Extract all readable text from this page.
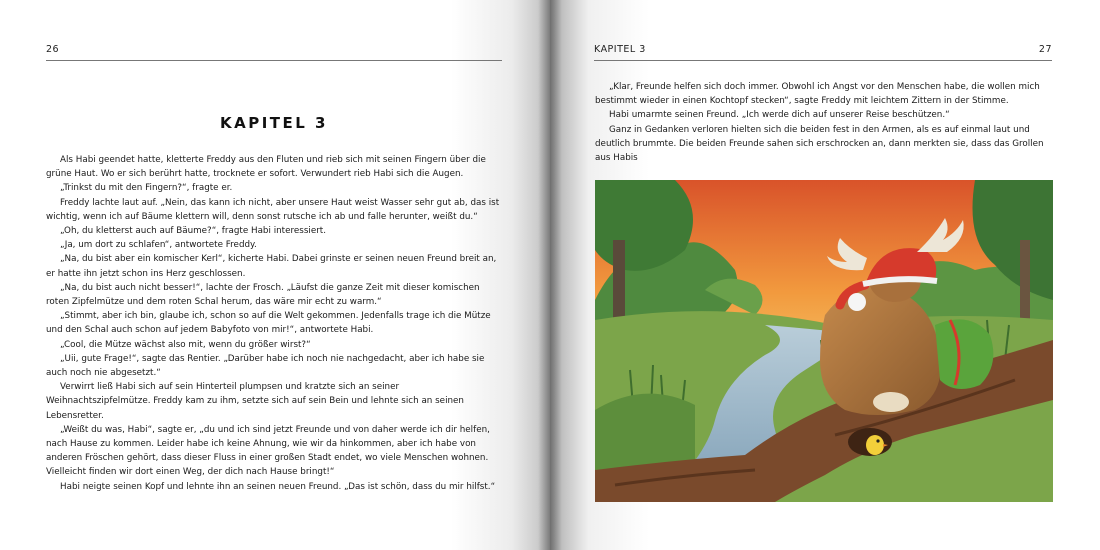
26
KAPITEL 3

Als Habi geendet hatte, kletterte Freddy aus den Fluten und rieb sich mit seinen Fingern über die grüne Haut. Wo er sich berührt hatte, trocknete er sofort. Verwundert rieb Habi sich die Augen.

„Trinkst du mit den Fingern?“, fragte er.

Freddy lachte laut auf. „Nein, das kann ich nicht, aber unsere Haut weist Wasser sehr gut ab, das ist wichtig, wenn ich auf Bäume klettern will, denn sonst rutsche ich ab und falle herunter, weißt du.“

„Oh, du kletterst auch auf Bäume?“, fragte Habi interessiert.

„Ja, um dort zu schlafen“, antwortete Freddy.

„Na, du bist aber ein komischer Kerl“, kicherte Habi. Dabei grinste er seinen neuen Freund breit an, er hatte ihn jetzt schon ins Herz geschlossen.

„Na, du bist auch nicht besser!“, lachte der Frosch. „Läufst die ganze Zeit mit dieser komischen roten Zipfelmütze und dem roten Schal herum, das wäre mir echt zu warm.“

„Stimmt, aber ich bin, glaube ich, schon so auf die Welt gekommen. Jedenfalls trage ich die Mütze und den Schal auch schon auf jedem Babyfoto von mir!“, antwortete Habi.

„Cool, die Mütze wächst also mit, wenn du größer wirst?“

„Uii, gute Frage!“, sagte das Rentier. „Darüber habe ich noch nie nachgedacht, aber ich habe sie auch noch nie abgesetzt.“

Verwirrt ließ Habi sich auf sein Hinterteil plumpsen und kratzte sich an seiner Weihnachtszipfelmütze. Freddy kam zu ihm, setzte sich auf sein Bein und lehnte sich an seinen Lebensretter.

„Weißt du was, Habi“, sagte er, „du und ich sind jetzt Freunde und von daher werde ich dir helfen, nach Hause zu kommen. Leider habe ich keine Ahnung, wie wir da hinkommen, aber ich habe von anderen Fröschen gehört, dass dieser Fluss in einer großen Stadt endet, wo viele Menschen wohnen. Vielleicht finden wir dort einen Weg, der dich nach Hause bringt!“

Habi neigte seinen Kopf und lehnte ihn an seinen neuen Freund. „Das ist schön, dass du mir hilfst.“

KAPITEL 3	27

„Klar, Freunde helfen sich doch immer. Obwohl ich Angst vor den Menschen habe, die wollen mich bestimmt wieder in einen Kochtopf stecken“, sagte Freddy mit leichtem Zittern in der Stimme.

Habi umarmte seinen Freund. „Ich werde dich auf unserer Reise beschützen.“

Ganz in Gedanken verloren hielten sich die beiden fest in den Armen, als es auf einmal laut und deutlich brummte. Die beiden Freunde sahen sich erschrocken an, dann merkten sie, dass das Grollen aus Habis
